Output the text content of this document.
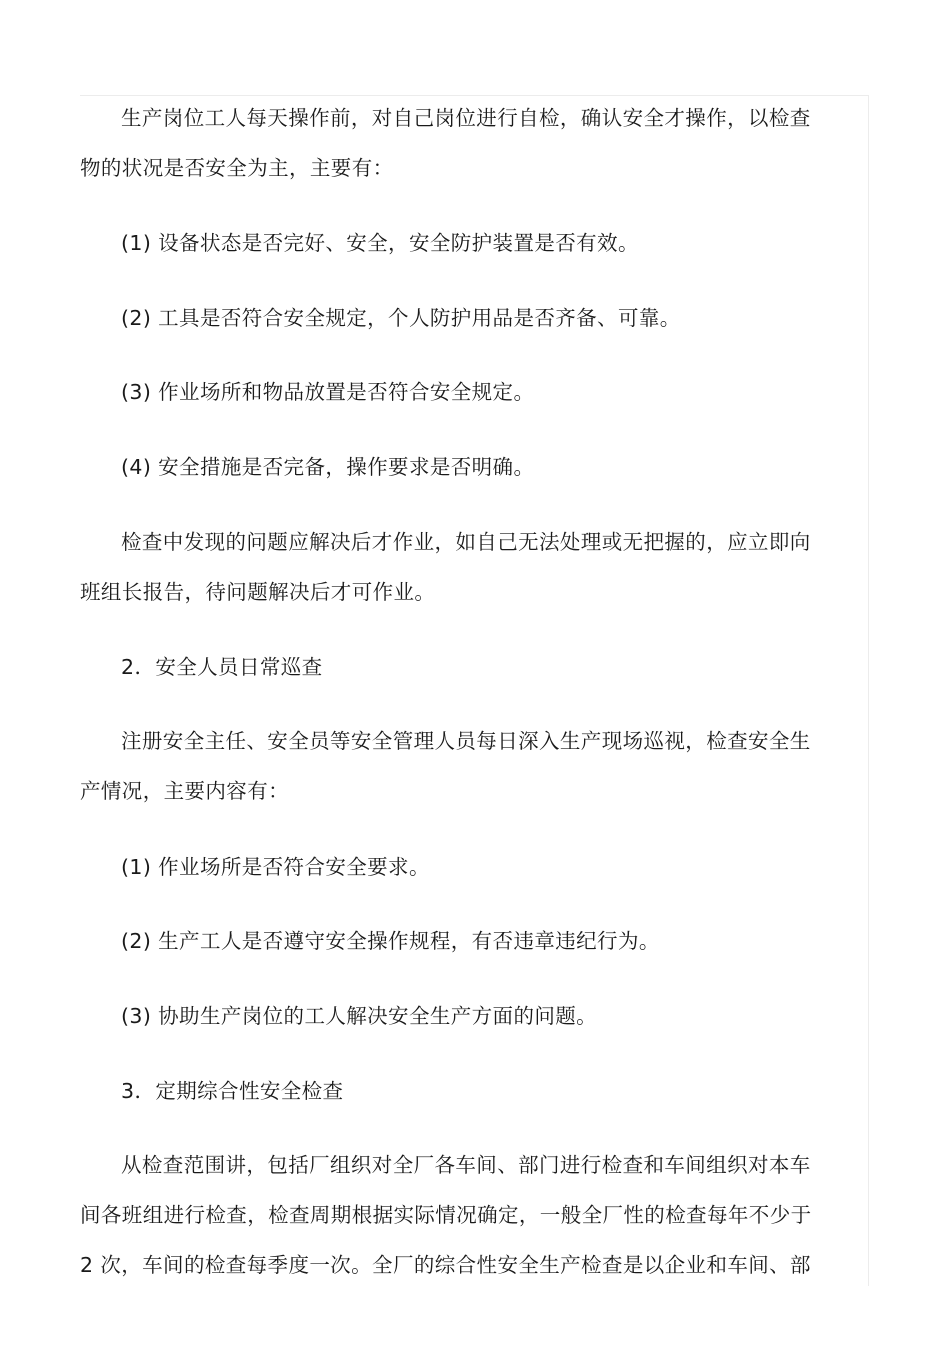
生产岗位工人每天操作前，对自己岗位进行自检，确认安全才操作，以检查物的状况是否安全为主，主要有：

(1) 设备状态是否完好、安全，安全防护装置是否有效。

(2) 工具是否符合安全规定，个人防护用品是否齐备、可靠。

(3) 作业场所和物品放置是否符合安全规定。

(4) 安全措施是否完备，操作要求是否明确。

检查中发现的问题应解决后才作业，如自己无法处理或无把握的，应立即向班组长报告，待问题解决后才可作业。

2．安全人员日常巡查

注册安全主任、安全员等安全管理人员每日深入生产现场巡视，检查安全生产情况，主要内容有：

(1) 作业场所是否符合安全要求。

(2) 生产工人是否遵守安全操作规程，有否违章违纪行为。

(3) 协助生产岗位的工人解决安全生产方面的问题。

3．定期综合性安全检查

从检查范围讲，包括厂组织对全厂各车间、部门进行检查和车间组织对本车间各班组进行检查，检查周期根据实际情况确定，一般全厂性的检查每年不少于2 次，车间的检查每季度一次。全厂的综合性安全生产检查是以企业和车间、部
